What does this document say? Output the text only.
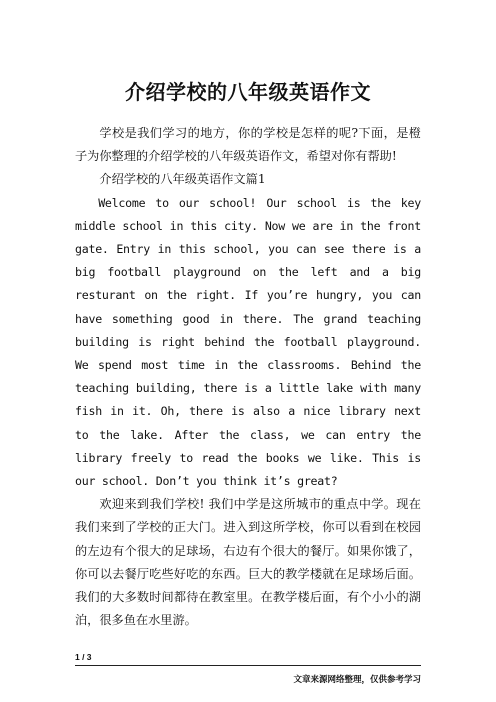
介绍学校的八年级英语作文

学校是我们学习的地方，你的学校是怎样的呢?下面，是橙子为你整理的介绍学校的八年级英语作文，希望对你有帮助!

介绍学校的八年级英语作文篇1

Welcome to our school! Our school is the key middle school in this city. Now we are in the front gate. Entry in this school, you can see there is a big football playground on the left and a big resturant on the right. If you’re hungry, you can have something good in there. The grand teaching building is right behind the football playground. We spend most time in the classrooms. Behind the teaching building, there is a little lake with many fish in it. Oh, there is also a nice library next to the lake. After the class, we can entry the library freely to read the books we like. This is our school. Don’t you think it’s great?

欢迎来到我们学校! 我们中学是这所城市的重点中学。现在我们来到了学校的正大门。进入到这所学校，你可以看到在校园的左边有个很大的足球场，右边有个很大的餐厅。如果你饿了，你可以去餐厅吃些好吃的东西。巨大的教学楼就在足球场后面。我们的大多数时间都待在教室里。在教学楼后面，有个小小的湖泊，很多鱼在水里游。

1 / 3
文章来源网络整理，仅供参考学习
